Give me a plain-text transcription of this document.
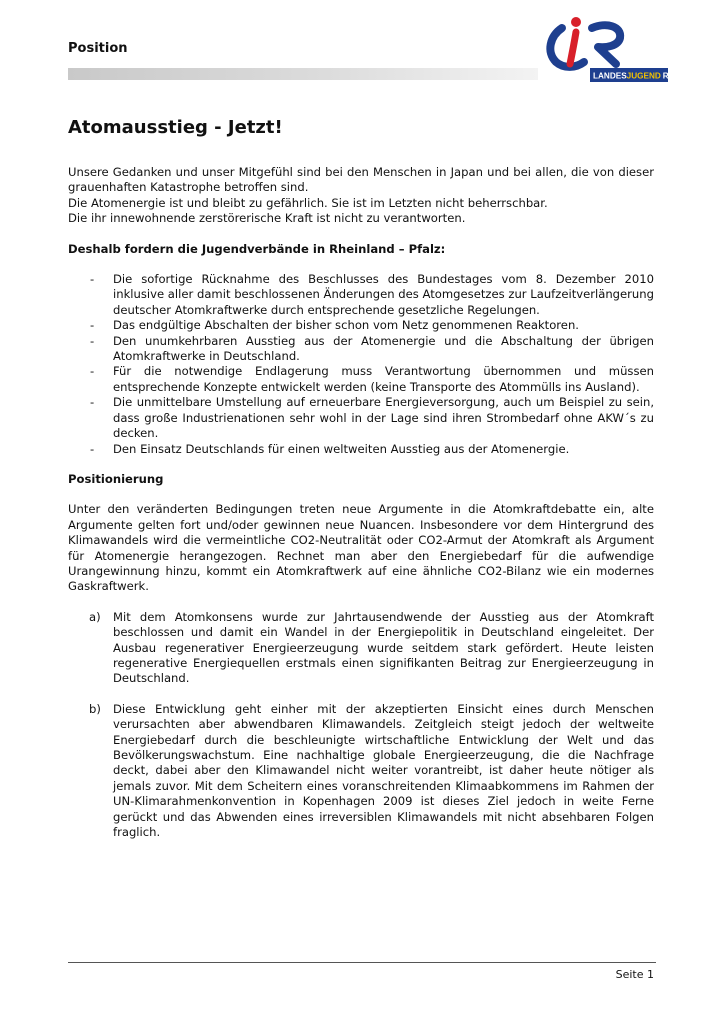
Position
LANDESJUGEND RING RLP
Atomausstieg - Jetzt!

Unsere Gedanken und unser Mitgefühl sind bei den Menschen in Japan und bei allen, die von dieser grauenhaften Katastrophe betroffen sind.

Die Atomenergie ist und bleibt zu gefährlich. Sie ist im Letzten nicht beherrschbar.

Die ihr innewohnende zerstörerische Kraft ist nicht zu verantworten.

Deshalb fordern die Jugendverbände in Rheinland – Pfalz:

- Die sofortige Rücknahme des Beschlusses des Bundestages vom 8. Dezember 2010 inklusive aller damit beschlossenen Änderungen des Atomgesetzes zur Laufzeitverlängerung deutscher Atomkraftwerke durch entsprechende gesetzliche Regelungen.
- Das endgültige Abschalten der bisher schon vom Netz genommenen Reaktoren.
- Den unumkehrbaren Ausstieg aus der Atomenergie und die Abschaltung der übrigen Atomkraftwerke in Deutschland.
- Für die notwendige Endlagerung muss Verantwortung übernommen und müssen entsprechende Konzepte entwickelt werden (keine Transporte des Atommülls ins Ausland).
- Die unmittelbare Umstellung auf erneuerbare Energieversorgung, auch um Beispiel zu sein, dass große Industrienationen sehr wohl in der Lage sind ihren Strombedarf ohne AKW´s zu decken.
- Den Einsatz Deutschlands für einen weltweiten Ausstieg aus der Atomenergie.

Positionierung

Unter den veränderten Bedingungen treten neue Argumente in die Atomkraftdebatte ein, alte Argumente gelten fort und/oder gewinnen neue Nuancen. Insbesondere vor dem Hintergrund des Klimawandels wird die vermeintliche CO2-Neutralität oder CO2-Armut der Atomkraft als Argument für Atomenergie herangezogen. Rechnet man aber den Energiebedarf für die aufwendige Urangewinnung hinzu, kommt ein Atomkraftwerk auf eine ähnliche CO2-Bilanz wie ein modernes Gaskraftwerk.

a) Mit dem Atomkonsens wurde zur Jahrtausendwende der Ausstieg aus der Atomkraft beschlossen und damit ein Wandel in der Energiepolitik in Deutschland eingeleitet. Der Ausbau regenerativer Energieerzeugung wurde seitdem stark gefördert. Heute leisten regenerative Energiequellen erstmals einen signifikanten Beitrag zur Energieerzeugung in Deutschland.
b) Diese Entwicklung geht einher mit der akzeptierten Einsicht eines durch Menschen verursachten aber abwendbaren Klimawandels. Zeitgleich steigt jedoch der weltweite Energiebedarf durch die beschleunigte wirtschaftliche Entwicklung der Welt und das Bevölkerungswachstum. Eine nachhaltige globale Energieerzeugung, die die Nachfrage deckt, dabei aber den Klimawandel nicht weiter vorantreibt, ist daher heute nötiger als jemals zuvor. Mit dem Scheitern eines voranschreitenden Klimaabkommens im Rahmen der UN-Klimarahmenkonvention in Kopenhagen 2009 ist dieses Ziel jedoch in weite Ferne gerückt und das Abwenden eines irreversiblen Klimawandels mit nicht absehbaren Folgen fraglich.
Seite 1
